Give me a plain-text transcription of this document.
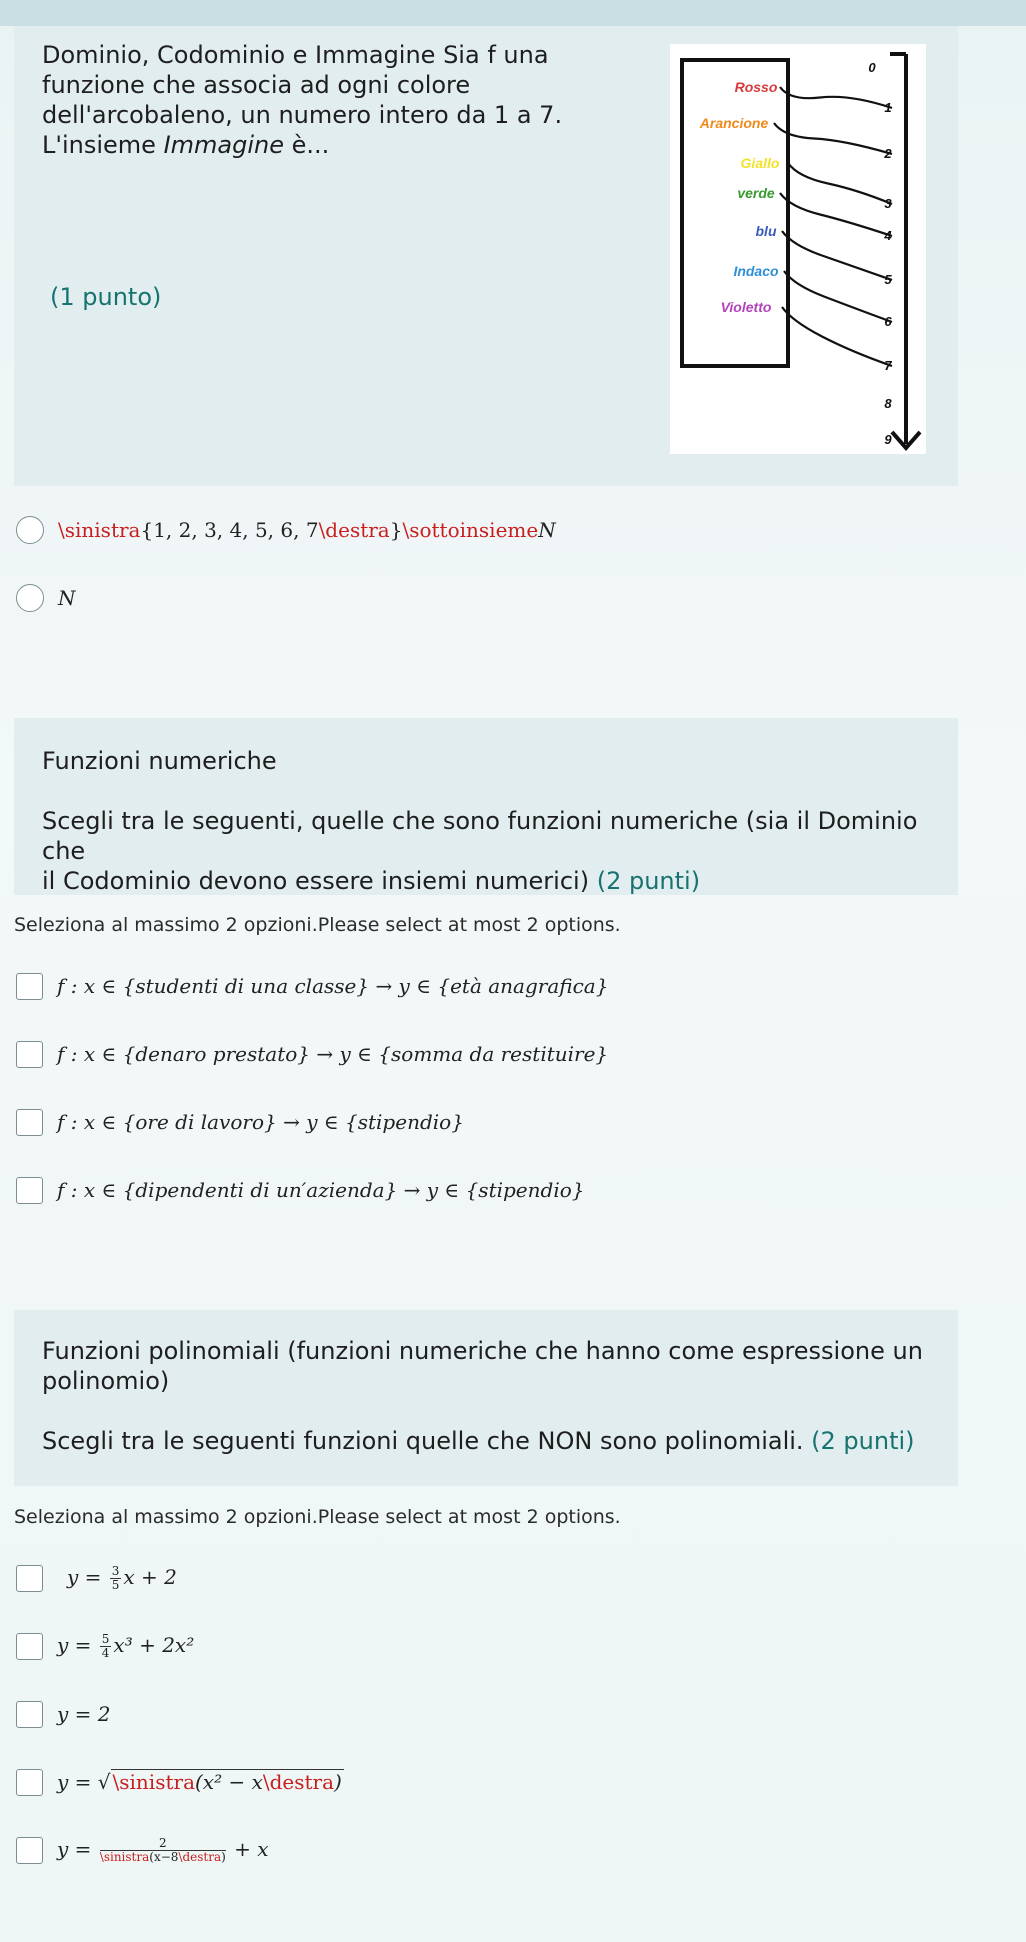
Dominio, Codominio e Immagine Sia f una
funzione che associa ad ogni colore
dell'arcobaleno, un numero intero da 1 a 7.
L'insieme Immagine è...
(1 punto)
Rosso
Arancione
Giallo
verde
blu
Indaco
Violetto
0
1
2
3
4
5
6
7
8
9
\sinistra{1, 2, 3, 4, 5, 6, 7\destra}\sottoinsiemeN
N
Funzioni numeriche
Scegli tra le seguenti, quelle che sono funzioni numeriche (sia il Dominio che
il Codominio devono essere insiemi numerici) (2 punti)
Seleziona al massimo 2 opzioni.Please select at most 2 options.
f : x ∈ {studenti di una classe} → y ∈ {età anagrafica}
f : x ∈ {denaro prestato} → y ∈ {somma da restituire}
f : x ∈ {ore di lavoro} → y ∈ {stipendio}
f : x ∈ {dipendenti di un′azienda} → y ∈ {stipendio}
Funzioni polinomiali (funzioni numeriche che hanno come espressione un
polinomio)
Scegli tra le seguenti funzioni quelle che NON sono polinomiali. (2 punti)
Seleziona al massimo 2 opzioni.Please select at most 2 options.
$y = \frac{3}{5}$ x + 2
$y = \frac{5}{4} x^3 + 2x^2$
y = 2
y = √ \sinistra(x² − x\destra)
$y = \frac{2}{\text{\textbackslash{}sinistra(x−8\textbackslash{}destra)}} + x$
